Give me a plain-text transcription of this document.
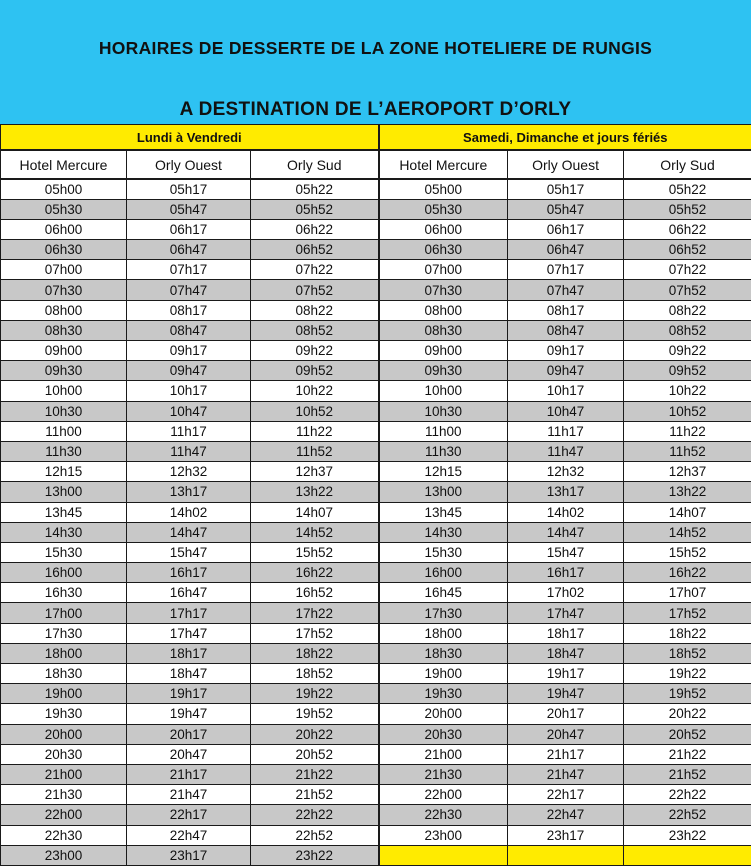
HORAIRES DE DESSERTE DE LA ZONE HOTELIERE DE RUNGIS
A DESTINATION DE L’AEROPORT D’ORLY
Lundi à Vendredi			Samedi, Dimanche et jours fériés		
Hotel Mercure	Orly Ouest	Orly Sud	Hotel Mercure	Orly Ouest	Orly Sud
05h00	05h17	05h22	05h00	05h17	05h22
05h30	05h47	05h52	05h30	05h47	05h52
06h00	06h17	06h22	06h00	06h17	06h22
06h30	06h47	06h52	06h30	06h47	06h52
07h00	07h17	07h22	07h00	07h17	07h22
07h30	07h47	07h52	07h30	07h47	07h52
08h00	08h17	08h22	08h00	08h17	08h22
08h30	08h47	08h52	08h30	08h47	08h52
09h00	09h17	09h22	09h00	09h17	09h22
09h30	09h47	09h52	09h30	09h47	09h52
10h00	10h17	10h22	10h00	10h17	10h22
10h30	10h47	10h52	10h30	10h47	10h52
11h00	11h17	11h22	11h00	11h17	11h22
11h30	11h47	11h52	11h30	11h47	11h52
12h15	12h32	12h37	12h15	12h32	12h37
13h00	13h17	13h22	13h00	13h17	13h22
13h45	14h02	14h07	13h45	14h02	14h07
14h30	14h47	14h52	14h30	14h47	14h52
15h30	15h47	15h52	15h30	15h47	15h52
16h00	16h17	16h22	16h00	16h17	16h22
16h30	16h47	16h52	16h45	17h02	17h07
17h00	17h17	17h22	17h30	17h47	17h52
17h30	17h47	17h52	18h00	18h17	18h22
18h00	18h17	18h22	18h30	18h47	18h52
18h30	18h47	18h52	19h00	19h17	19h22
19h00	19h17	19h22	19h30	19h47	19h52
19h30	19h47	19h52	20h00	20h17	20h22
20h00	20h17	20h22	20h30	20h47	20h52
20h30	20h47	20h52	21h00	21h17	21h22
21h00	21h17	21h22	21h30	21h47	21h52
21h30	21h47	21h52	22h00	22h17	22h22
22h00	22h17	22h22	22h30	22h47	22h52
22h30	22h47	22h52	23h00	23h17	23h22
23h00	23h17	23h22			
